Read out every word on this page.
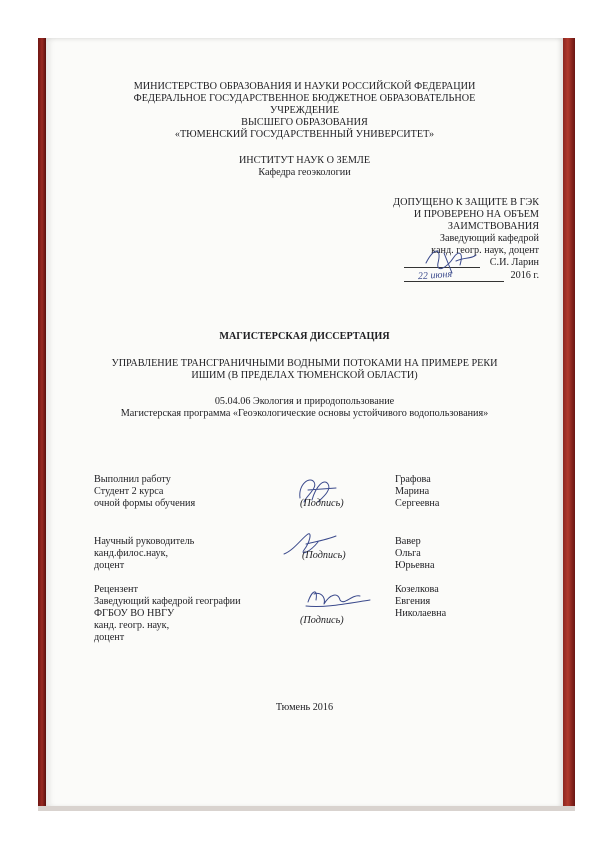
МИНИСТЕРСТВО ОБРАЗОВАНИЯ И НАУКИ РОССИЙСКОЙ ФЕДЕРАЦИИ
ФЕДЕРАЛЬНОЕ ГОСУДАРСТВЕННОЕ БЮДЖЕТНОЕ ОБРАЗОВАТЕЛЬНОЕ
УЧРЕЖДЕНИЕ
ВЫСШЕГО ОБРАЗОВАНИЯ
«ТЮМЕНСКИЙ ГОСУДАРСТВЕННЫЙ УНИВЕРСИТЕТ»
ИНСТИТУТ НАУК О ЗЕМЛЕ
Кафедра геоэкологии
ДОПУЩЕНО К ЗАЩИТЕ В ГЭК
И ПРОВЕРЕНО НА ОБЪЕМ
ЗАИМСТВОВАНИЯ
Заведующий кафедрой
канд. геогр. наук, доцент
С.И. Ларин
22 июня	2016 г.
МАГИСТЕРСКАЯ ДИССЕРТАЦИЯ
УПРАВЛЕНИЕ ТРАНСГРАНИЧНЫМИ ВОДНЫМИ ПОТОКАМИ НА ПРИМЕРЕ РЕКИ
ИШИМ (В ПРЕДЕЛАХ ТЮМЕНСКОЙ ОБЛАСТИ)
05.04.06 Экология и природопользование
Магистерская программа «Геоэкологические основы устойчивого водопользования»
Выполнил работу
Студент 2 курса
очной формы обучения	(Подпись)
Графова
Марина
Сергеевна
Научный руководитель
канд.филос.наук,
доцент
(Подпись)
Вавер
Ольга
Юрьевна
Рецензент
Заведующий кафедрой географии
ФГБОУ ВО НВГУ
канд. геогр. наук,
доцент
(Подпись)
Козелкова
Евгения
Николаевна
Тюмень 2016
